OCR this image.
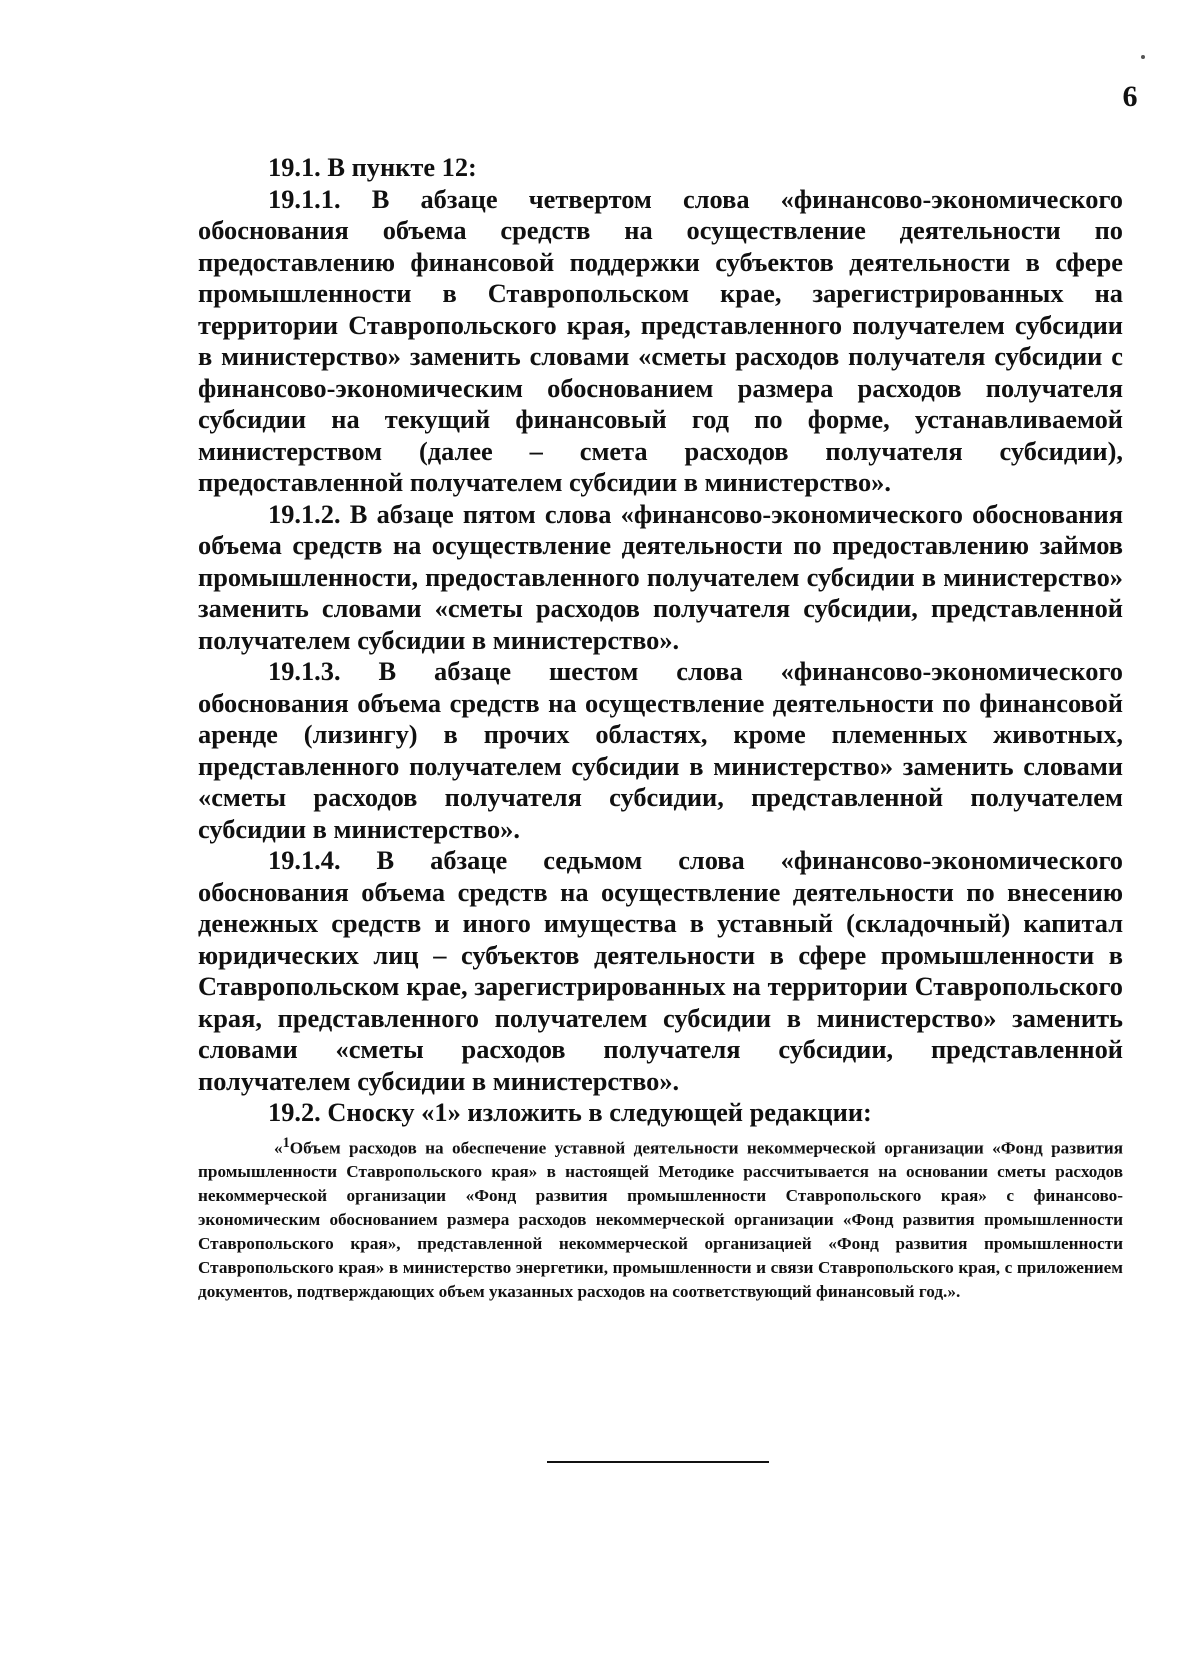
6

19.1. В пункте 12:

19.1.1. В абзаце четвертом слова «финансово-экономического обоснования объема средств на осуществление деятельности по предоставлению финансовой поддержки субъектов деятельности в сфере промышленности в Ставропольском крае, зарегистрированных на территории Ставропольского края, представленного получателем субсидии в министерство» заменить словами «сметы расходов получателя субсидии с финансово-экономическим обоснованием размера расходов получателя субсидии на текущий финансовый год по форме, устанавливаемой министерством (далее – смета расходов получателя субсидии), предоставленной получателем субсидии в министерство».

19.1.2. В абзаце пятом слова «финансово-экономического обоснования объема средств на осуществление деятельности по предоставлению займов промышленности, предоставленного получателем субсидии в министерство» заменить словами «сметы расходов получателя субсидии, представленной получателем субсидии в министерство».

19.1.3. В абзаце шестом слова «финансово-экономического обоснования объема средств на осуществление деятельности по финансовой аренде (лизингу) в прочих областях, кроме племенных животных, представленного получателем субсидии в министерство» заменить словами «сметы расходов получателя субсидии, представленной получателем субсидии в министерство».

19.1.4. В абзаце седьмом слова «финансово-экономического обоснования объема средств на осуществление деятельности по внесению денежных средств и иного имущества в уставный (складочный) капитал юридических лиц – субъектов деятельности в сфере промышленности в Ставропольском крае, зарегистрированных на территории Ставропольского края, представленного получателем субсидии в министерство» заменить словами «сметы расходов получателя субсидии, представленной получателем субсидии в министерство».

19.2. Сноску «1» изложить в следующей редакции:

«$^1$Объем расходов на обеспечение уставной деятельности некоммерческой организации «Фонд развития промышленности Ставропольского края» в настоящей Методике рассчитывается на основании сметы расходов некоммерческой организации «Фонд развития промышленности Ставропольского края» с финансово-экономическим обоснованием размера расходов некоммерческой организации «Фонд развития промышленности Ставропольского края», представленной некоммерческой организацией «Фонд развития промышленности Ставропольского края» в министерство энергетики, промышленности и связи Ставропольского края, с приложением документов, подтверждающих объем указанных расходов на соответствующий финансовый год.».
